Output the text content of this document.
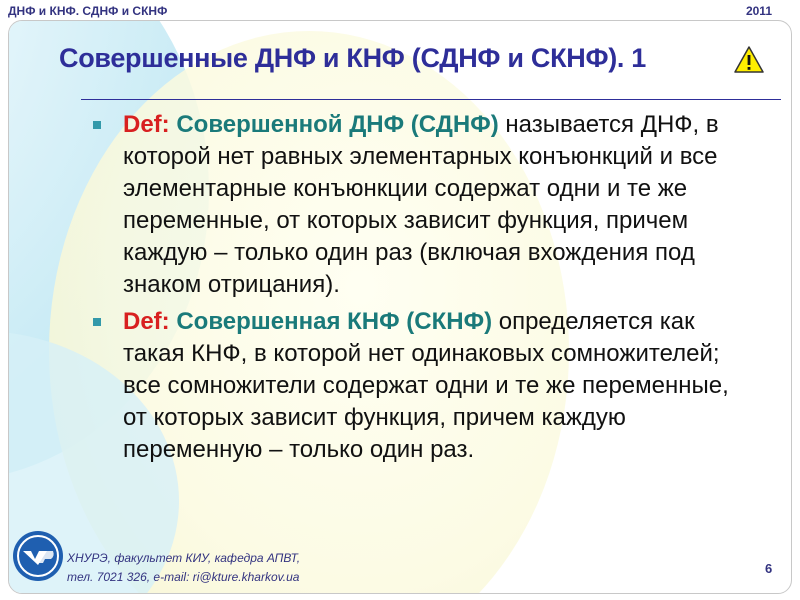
ДНФ и КНФ. СДНФ и СКНФ	2011
Совершенные ДНФ и КНФ (СДНФ и СКНФ). 1
Def: Совершенной ДНФ (СДНФ) называется ДНФ, в которой нет равных элементарных конъюнкций и все элементарные конъюнкции содержат одни и те же переменные, от которых зависит функция, причем каждую – только один раз (включая вхождения под знаком отрицания).
Def: Совершенная КНФ (СКНФ) определяется как такая КНФ, в которой нет одинаковых сомножителей; все сомножители содержат одни и те же переменные, от которых зависит функция, причем каждую переменную – только один раз.
ХНУРЭ, факультет КИУ, кафедра АПВТ,
тел. 7021 326, e-mail: ri@kture.kharkov.ua
6
